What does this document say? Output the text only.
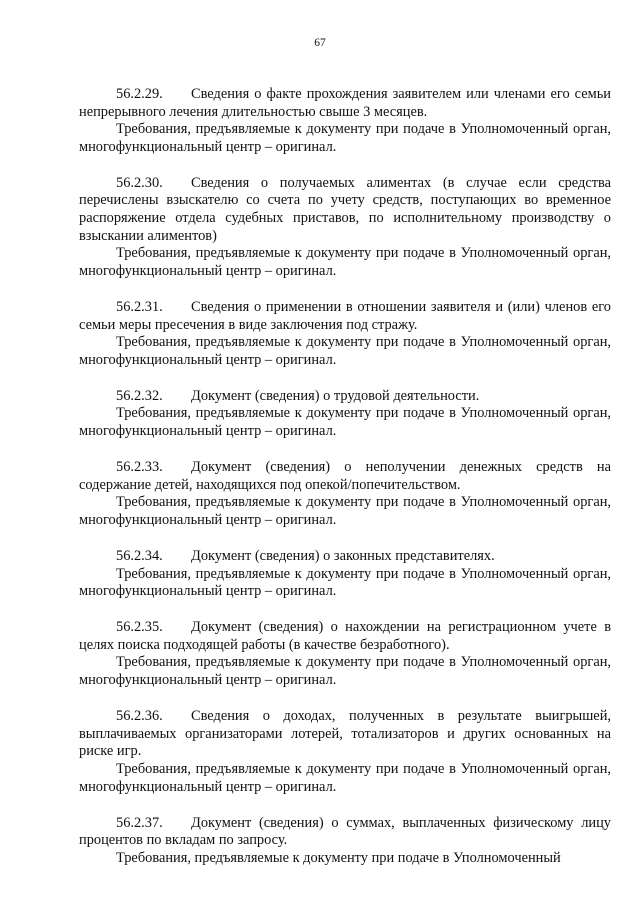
67

56.2.29. Сведения о факте прохождения заявителем или членами его семьи непрерывного лечения длительностью свыше 3 месяцев.

Требования, предъявляемые к документу при подаче в Уполномоченный орган, многофункциональный центр – оригинал.

56.2.30. Сведения о получаемых алиментах (в случае если средства перечислены взыскателю со счета по учету средств, поступающих во временное распоряжение отдела судебных приставов, по исполнительному производству о взыскании алиментов)

Требования, предъявляемые к документу при подаче в Уполномоченный орган, многофункциональный центр – оригинал.

56.2.31. Сведения о применении в отношении заявителя и (или) членов его семьи меры пресечения в виде заключения под стражу.

Требования, предъявляемые к документу при подаче в Уполномоченный орган, многофункциональный центр – оригинал.

56.2.32. Документ (сведения) о трудовой деятельности.

Требования, предъявляемые к документу при подаче в Уполномоченный орган, многофункциональный центр – оригинал.

56.2.33. Документ (сведения) о неполучении денежных средств на содержание детей, находящихся под опекой/попечительством.

Требования, предъявляемые к документу при подаче в Уполномоченный орган, многофункциональный центр – оригинал.

56.2.34. Документ (сведения) о законных представителях.

Требования, предъявляемые к документу при подаче в Уполномоченный орган, многофункциональный центр – оригинал.

56.2.35. Документ (сведения) о нахождении на регистрационном учете в целях поиска подходящей работы (в качестве безработного).

Требования, предъявляемые к документу при подаче в Уполномоченный орган, многофункциональный центр – оригинал.

56.2.36. Сведения о доходах, полученных в результате выигрышей, выплачиваемых организаторами лотерей, тотализаторов и других основанных на риске игр.

Требования, предъявляемые к документу при подаче в Уполномоченный орган, многофункциональный центр – оригинал.

56.2.37. Документ (сведения) о суммах, выплаченных физическому лицу процентов по вкладам по запросу.

Требования, предъявляемые к документу при подаче в Уполномоченный
